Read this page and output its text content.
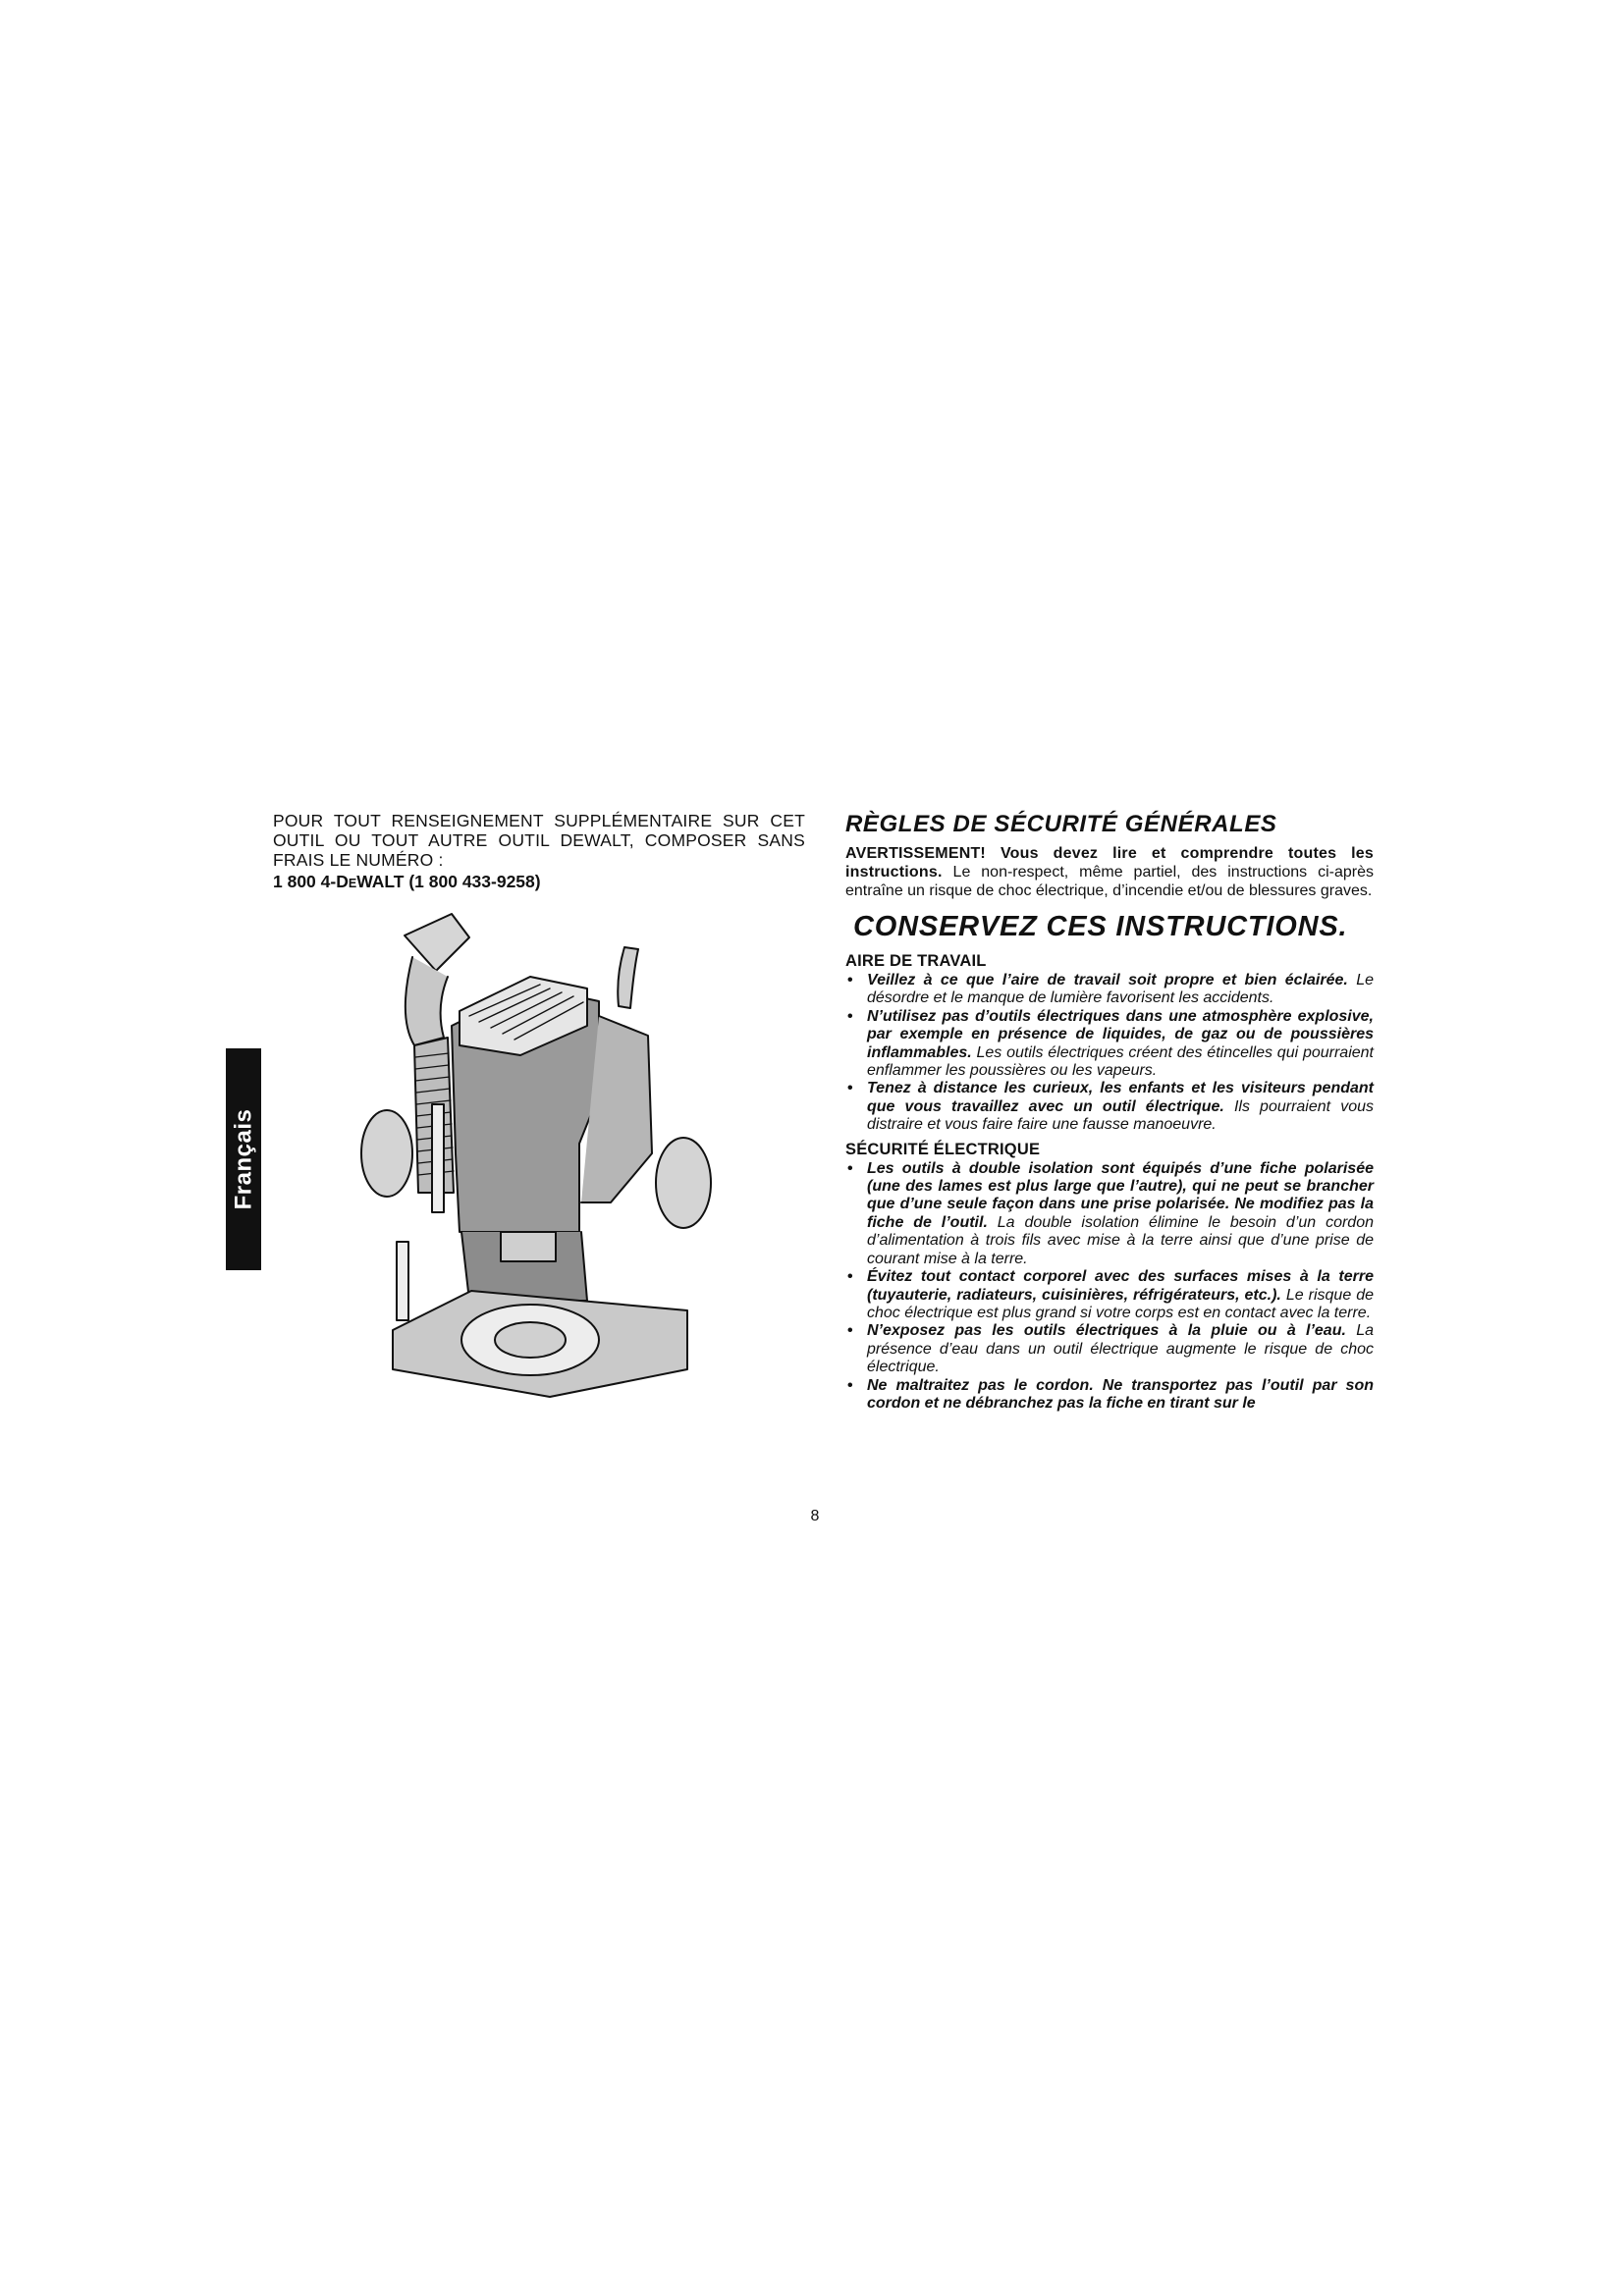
POUR TOUT RENSEIGNEMENT SUPPLÉMENTAIRE SUR CET OUTIL OU TOUT AUTRE OUTIL DEWALT, COMPOSER SANS FRAIS LE NUMÉRO :

1 800 4-DEWALT (1 800 433-9258)

Français
RÈGLES DE SÉCURITÉ GÉNÉRALES

AVERTISSEMENT! Vous devez lire et comprendre toutes les instructions. Le non-respect, même partiel, des instructions ci-après entraîne un risque de choc électrique, d’incendie et/ou de blessures graves.

CONSERVEZ CES INSTRUCTIONS.
AIRE DE TRAVAIL

• Veillez à ce que l’aire de travail soit propre et bien éclairée. Le désordre et le manque de lumière favorisent les accidents.

• N’utilisez pas d’outils électriques dans une atmosphère explosive, par exemple en présence de liquides, de gaz ou de poussières inflammables. Les outils électriques créent des étincelles qui pourraient enflammer les poussières ou les vapeurs.

• Tenez à distance les curieux, les enfants et les visiteurs pendant que vous travaillez avec un outil électrique. Ils pourraient vous distraire et vous faire faire une fausse manoeuvre.

SÉCURITÉ ÉLECTRIQUE

• Les outils à double isolation sont équipés d’une fiche polarisée (une des lames est plus large que l’autre), qui ne peut se brancher que d’une seule façon dans une prise polarisée. Ne modifiez pas la fiche de l’outil. La double isolation élimine le besoin d’un cordon d’alimentation à trois fils avec mise à la terre ainsi que d’une prise de courant mise à la terre.

• Évitez tout contact corporel avec des surfaces mises à la terre (tuyauterie, radiateurs, cuisinières, réfrigérateurs, etc.). Le risque de choc électrique est plus grand si votre corps est en contact avec la terre.

• N’exposez pas les outils électriques à la pluie ou à l’eau. La présence d’eau dans un outil électrique augmente le risque de choc électrique.

• Ne maltraitez pas le cordon. Ne transportez pas l’outil par son cordon et ne débranchez pas la fiche en tirant sur le

8
